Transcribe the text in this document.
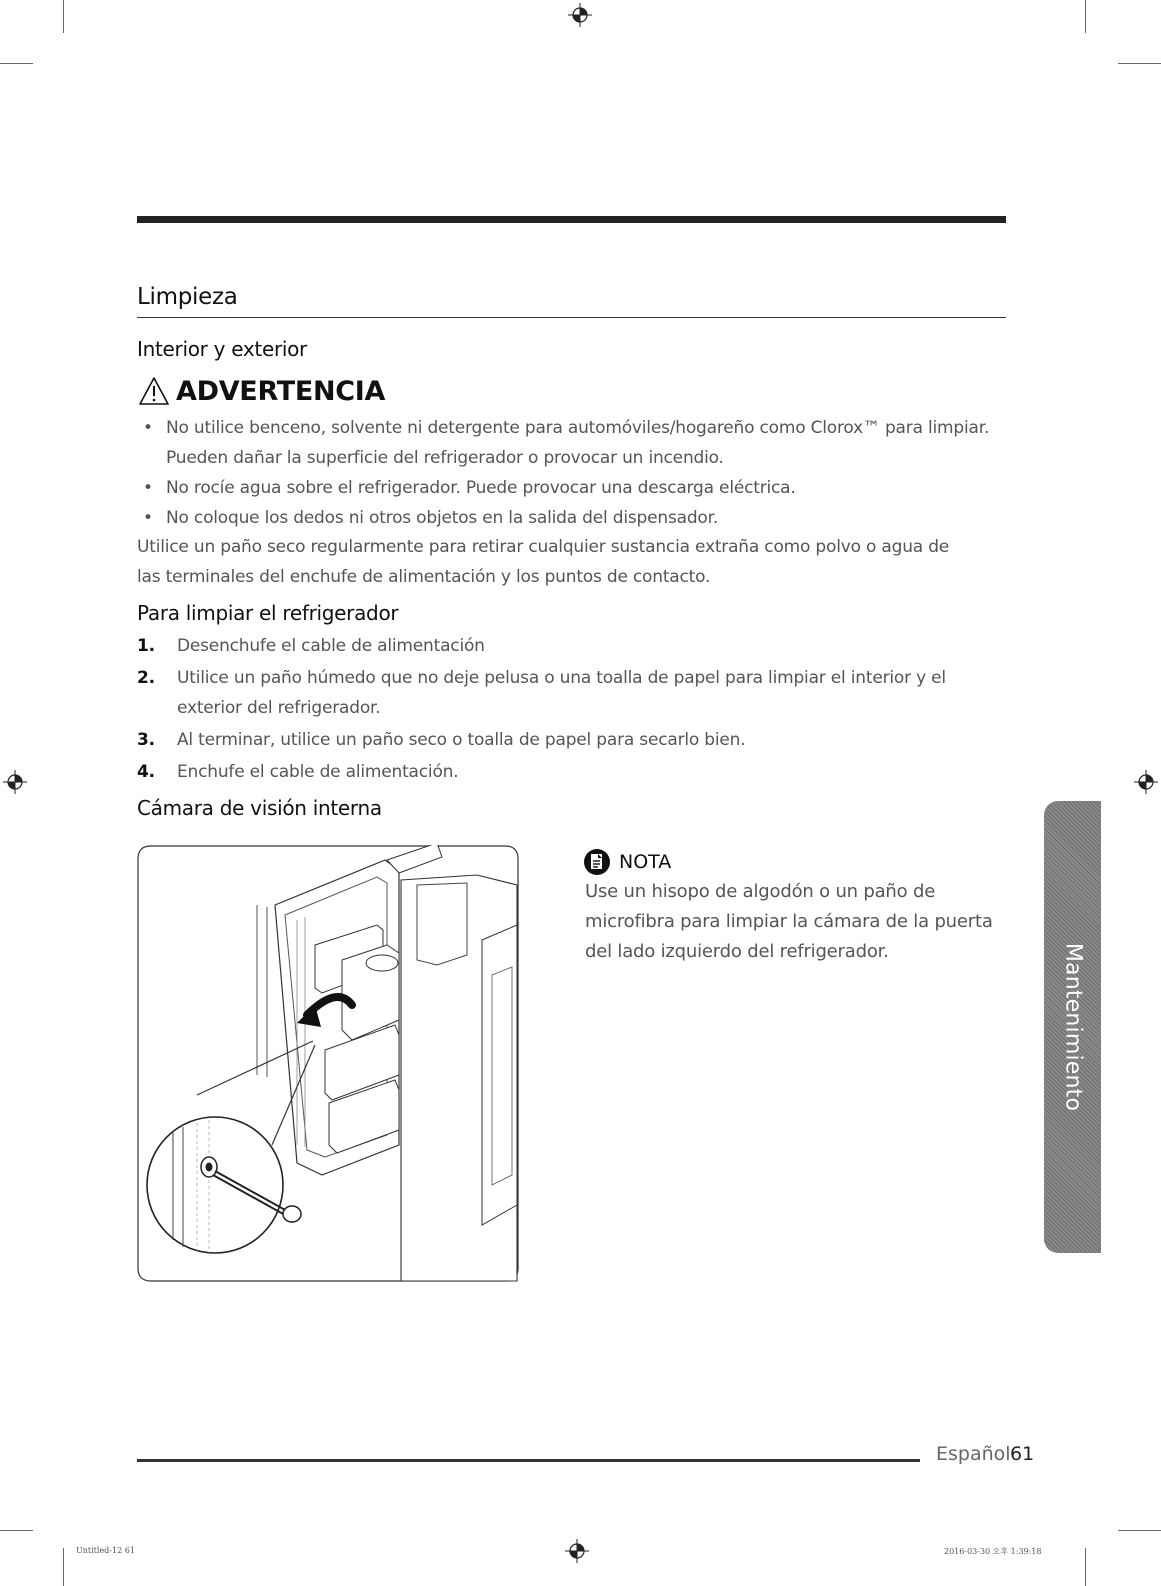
Limpieza
Interior y exterior
ADVERTENCIA
• No utilice benceno, solvente ni detergente para automóviles/hogareño como Clorox™ para limpiar. Pueden dañar la superficie del refrigerador o provocar un incendio.
• No rocíe agua sobre el refrigerador. Puede provocar una descarga eléctrica.
• No coloque los dedos ni otros objetos en la salida del dispensador.
Utilice un paño seco regularmente para retirar cualquier sustancia extraña como polvo o agua de las terminales del enchufe de alimentación y los puntos de contacto.
Para limpiar el refrigerador
1. Desenchufe el cable de alimentación
2. Utilice un paño húmedo que no deje pelusa o una toalla de papel para limpiar el interior y el exterior del refrigerador.
3. Al terminar, utilice un paño seco o toalla de papel para secarlo bien.
4. Enchufe el cable de alimentación.
Cámara de visión interna
NOTA
Use un hisopo de algodón o un paño de microfibra para limpiar la cámara de la puerta del lado izquierdo del refrigerador.	Mantenimiento
Español 61
Untitled-12 61	2016-03-30 오후 1:39:18
